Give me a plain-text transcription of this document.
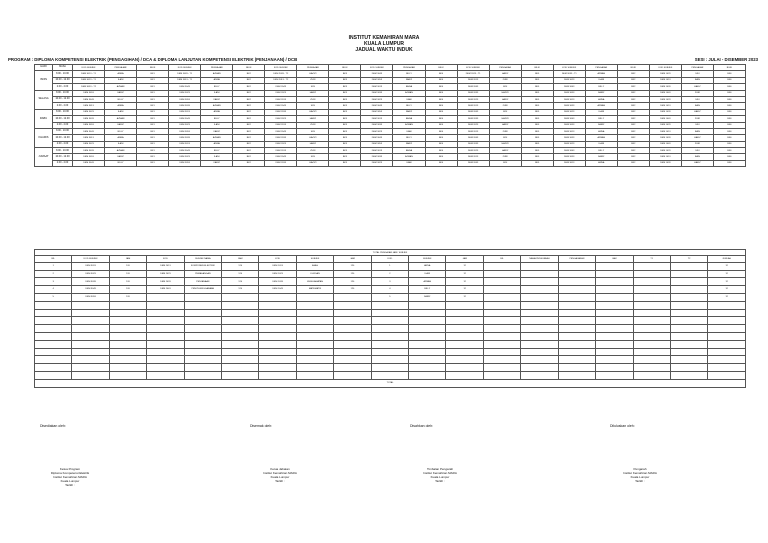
INSTITUT KEMAHIRAN MARA
KUALA LUMPUR
JADUAL WAKTU INDUK
PROGRAM : DIPLOMA KOMPETENSI ELEKTRIK (PENGAGIHAN) / DCA & DIPLOMA LANJUTAN KOMPETENSI ELEKTRIK (PENJANAAN) / DCB	SESI : JULAI - DISEMBER 2023
HARI	MASA	KOD SUBJEK	PENGAJAR	BILIK	KOD SUBJEK	PENGAJAR	BILIK	KOD SUBJEK	PENGAJAR	BILIK	KOD SUBJEK	PENGAJAR	BILIK	KOD SUBJEK	PENGAJAR	BILIK	KOD SUBJEK	PENGAJAR	BILIK	KOD SUBJEK	PENGAJAR	BILIK
ISNIN	8.00 - 10.00	DEM 3013 - T1	ANNA	BK1	DEM 3033 - T1	AZMAN	BK2	DEM 2033 - T2	HAZIZI	BK3	DEM 3043	BILLY	BK4	DEM 2023 - T1	HAFIZ	BK5	DEM 3033 - T1	AZMAN	BK2	DEM 1023	SIDI	BK6
	10.00 - 12.00	DEM 3023 - T1	ILANI	BK1	DEM 3013 - T1	ANNA	BK2	DEM 2013 - T2	ZURI	BK3	DEM 3053	FARIZ	BK4	DEM 2013	ZURI	BK5	DEM 3023	ILANI	BK2	DEM 1013	RAIS	BK6
	2.00 - 4.00	DEM 3033 - T2	AZMAN	BK1	DEM 3043	BILLY	BK2	DEM 2043	SIDI	BK3	DEM 3013	ANNA	BK4	DEM 2043	SIDI	BK5	DEM 3043	BILLY	BK2	DEM 1033	HAFIZ	BK6
SELASA	8.00 - 10.00	DEM 3053	FARIZ	BK1	DEM 3023	ILANI	BK2	DEM 2023	HAFIZ	BK3	DEM 3033	AZMAN	BK4	DEM 2033	HAZIZI	BK5	DEM 3053	FARIZ	BK2	DEM 1043	ZURI	BK6
	10.00 - 12.00	DEM 3043	BILLY	BK1	DEM 3053	FARIZ	BK2	DEM 2013	ZURI	BK3	DEM 3023	ILANI	BK4	DEM 2023	HAFIZ	BK5	DEM 3013	ANNA	BK2	DEM 1023	SIDI	BK6
	2.00 - 4.00	DEM 3013	ANNA	BK1	DEM 3033	AZMAN	BK2	DEM 2043	SIDI	BK3	DEM 3043	BILLY	BK4	DEM 2013	ZURI	BK5	DEM 3033	AZMAN	BK2	DEM 1013	RAIS	BK6
RABU	8.00 - 10.00	DEM 3023	ILANI	BK1	DEM 3013	ANNA	BK2	DEM 2033	HAZIZI	BK3	DEM 3053	FARIZ	BK4	DEM 2043	SIDI	BK5	DEM 3023	ILANI	BK2	DEM 1033	HAFIZ	BK6
	10.00 - 12.00	DEM 3033	AZMAN	BK1	DEM 3043	BILLY	BK2	DEM 2023	HAFIZ	BK3	DEM 3013	ANNA	BK4	DEM 2033	HAZIZI	BK5	DEM 3043	BILLY	BK2	DEM 1043	ZURI	BK6
	2.00 - 4.00	DEM 3053	FARIZ	BK1	DEM 3023	ILANI	BK2	DEM 2013	ZURI	BK3	DEM 3033	AZMAN	BK4	DEM 2023	HAFIZ	BK5	DEM 3053	FARIZ	BK2	DEM 1023	SIDI	BK6
KHAMIS	8.00 - 10.00	DEM 3043	BILLY	BK1	DEM 3053	FARIZ	BK2	DEM 2043	SIDI	BK3	DEM 3023	ILANI	BK4	DEM 2013	ZURI	BK5	DEM 3013	ANNA	BK2	DEM 1013	RAIS	BK6
	10.00 - 12.00	DEM 3013	ANNA	BK1	DEM 3033	AZMAN	BK2	DEM 2033	HAZIZI	BK3	DEM 3043	BILLY	BK4	DEM 2043	SIDI	BK5	DEM 3033	AZMAN	BK2	DEM 1033	HAFIZ	BK6
	2.00 - 4.00	DEM 3023	ILANI	BK1	DEM 3013	ANNA	BK2	DEM 2023	HAFIZ	BK3	DEM 3053	FARIZ	BK4	DEM 2033	HAZIZI	BK5	DEM 3023	ILANI	BK2	DEM 1043	ZURI	BK6
JUMAAT	8.00 - 10.00	DEM 3033	AZMAN	BK1	DEM 3043	BILLY	BK2	DEM 2013	ZURI	BK3	DEM 3013	ANNA	BK4	DEM 2023	HAFIZ	BK5	DEM 3043	BILLY	BK2	DEM 1023	SIDI	BK6
	10.00 - 12.00	DEM 3053	FARIZ	BK1	DEM 3023	ILANI	BK2	DEM 2043	SIDI	BK3	DEM 3033	AZMAN	BK4	DEM 2013	ZURI	BK5	DEM 3053	FARIZ	BK2	DEM 1013	RAIS	BK6
	2.00 - 4.00	DEM 3043	BILLY	BK1	DEM 3053	FARIZ	BK2	DEM 2033	HAZIZI	BK3	DEM 3023	ILANI	BK4	DEM 2043	SIDI	BK5	DEM 3013	ANNA	BK2	DEM 1033	HAFIZ	BK6
TOTAL PENGAJAR JAM / SUBJEK																		
BIL	KOD SUBJEK	JAM	KOD	SUBJEK NAMA	JAM	KOD	SUBJEK	JAM	KOD	SUBJEK	JAM	BIL	NAMA PENSYARAH	PENGAJARAN	JAM	T1	T2	JUMLAH
1	DEM 3013	120	DEM 2013	KOMPONEN ELEKTRIK	120	DEM 1013	ASAS	120	1	ANNA	12							12
2	DEM 3023	120	DEM 2023	PEMASANGAN	120	DEM 1023	LUKISAN	120	2	ILANI	12							12
3	DEM 3033	120	DEM 2033	PENJANAAN	120	DEM 1033	KESELAMATAN	120	3	AZMAN	12							12
4	DEM 3043	120	DEM 2043	PENYELENGGARAAN	120	DEM 1043	MATEMATIK	120	4	BILLY	12							12
5	DEM 3053	120							5	FARIZ	12							12

TOTAL																		
Disediakan oleh:
Ketua Program
Diploma Kompetensi Elektrik
Institut Kemahiran MARA
Kuala Lumpur
Tarikh :
Disemak oleh:
Ketua Jabatan
Institut Kemahiran MARA
Kuala Lumpur
Tarikh :
Disahkan oleh:
Timbalan Pengarah
Institut Kemahiran MARA
Kuala Lumpur
Tarikh :
Diluluskan oleh:
Pengarah
Institut Kemahiran MARA
Kuala Lumpur
Tarikh :
